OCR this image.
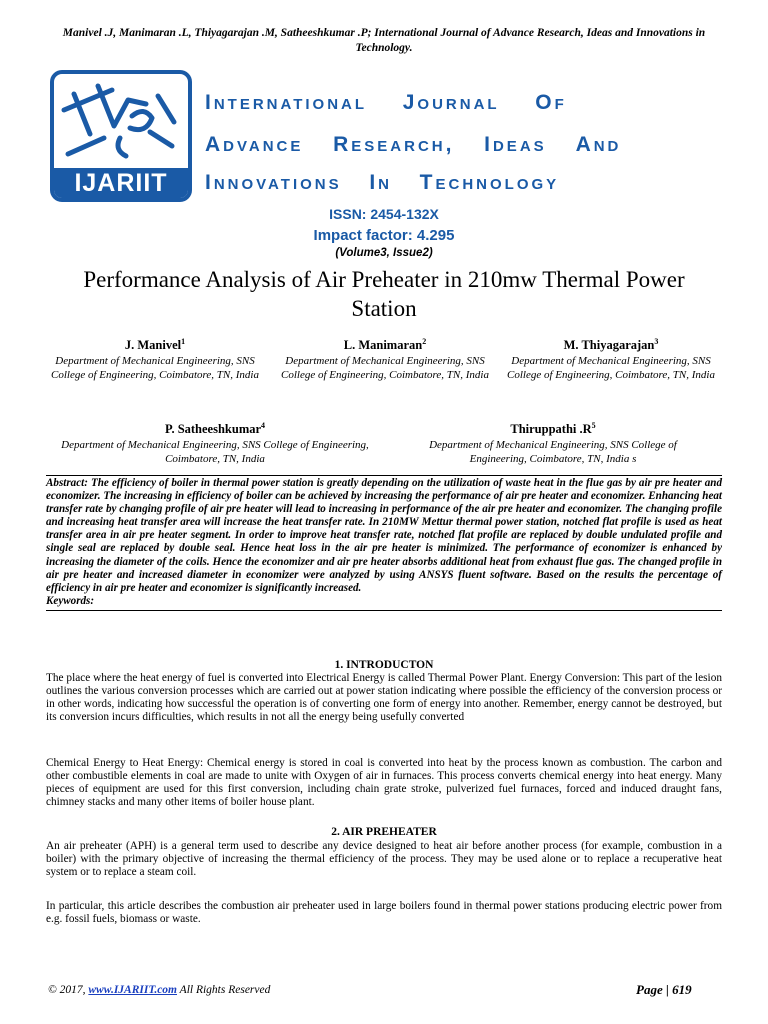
Manivel .J, Manimaran .L, Thiyagarajan .M, Satheeshkumar .P; International Journal of Advance Research, Ideas and Innovations in Technology.
IJARIIT
International Journal Of
Advance Research, Ideas And
Innovations In Technology
ISSN: 2454-132X
Impact factor: 4.295
(Volume3, Issue2)
Performance Analysis of Air Preheater in 210mw Thermal Power Station
J. Manivel$^1$
Department of Mechanical Engineering, SNS College of Engineering, Coimbatore, TN, India
L. Manimaran$^2$
Department of Mechanical Engineering, SNS College of Engineering, Coimbatore, TN, India
M. Thiyagarajan$^3$
Department of Mechanical Engineering, SNS College of Engineering, Coimbatore, TN, India
P. Satheeshkumar$^4$
Department of Mechanical Engineering, SNS College of Engineering, Coimbatore, TN, India
Thiruppathi $.R^5$
Department of Mechanical Engineering, SNS College of Engineering, Coimbatore, TN, India s
Abstract: The efficiency of boiler in thermal power station is greatly depending on the utilization of waste heat in the flue gas by air pre heater and economizer. The increasing in efficiency of boiler can be achieved by increasing the performance of air pre heater and economizer. Enhancing heat transfer rate by changing profile of air pre heater will lead to increasing in performance of the air pre heater and economizer. The changing profile and increasing heat transfer area will increase the heat transfer rate. In 210MW Mettur thermal power station, notched flat profile is used as heat transfer area in air pre heater segment. In order to improve heat transfer rate, notched flat profile are replaced by double undulated profile and single seal are replaced by double seal. Hence heat loss in the air pre heater is minimized. The performance of economizer is enhanced by increasing the diameter of the coils. Hence the economizer and air pre heater absorbs additional heat from exhaust flue gas. The changed profile in air pre heater and increased diameter in economizer were analyzed by using ANSYS fluent software. Based on the results the percentage of efficiency in air pre heater and economizer is significantly increased.
Keywords:
1. INTRODUCTON
The place where the heat energy of fuel is converted into Electrical Energy is called Thermal Power Plant. Energy Conversion: This part of the lesion outlines the various conversion processes which are carried out at power station indicating where possible the efficiency of the conversion process or in other words, indicating how successful the operation is of converting one form of energy into another. Remember, energy cannot be destroyed, but its conversion incurs difficulties, which results in not all the energy being usefully converted
Chemical Energy to Heat Energy: Chemical energy is stored in coal is converted into heat by the process known as combustion. The carbon and other combustible elements in coal are made to unite with Oxygen of air in furnaces. This process converts chemical energy into heat energy. Many pieces of equipment are used for this first conversion, including chain grate stroke, pulverized fuel furnaces, forced and induced draught fans, chimney stacks and many other items of boiler house plant.
2. AIR PREHEATER
An air preheater (APH) is a general term used to describe any device designed to heat air before another process (for example, combustion in a boiler) with the primary objective of increasing the thermal efficiency of the process. They may be used alone or to replace a recuperative heat system or to replace a steam coil.
In particular, this article describes the combustion air preheater used in large boilers found in thermal power stations producing electric power from e.g. fossil fuels, biomass or waste.
© 2017, www.IJARIIT.com All Rights Reserved	Page | 619
